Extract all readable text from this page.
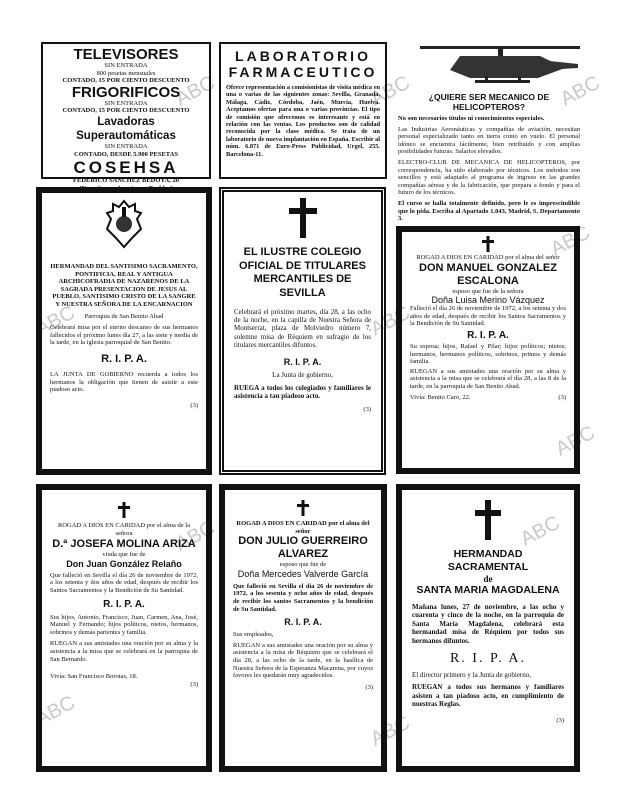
ABC	ABC	ABC
ABC
ABC
ABC
ABC
ABC	ABC
ABC
ABC
TELEVISORES
SIN ENTRADA
800 pesetas mensuales
CONTADO, 15 POR CIENTO DESCUENTO
FRIGORIFICOS
SIN ENTRADA
CONTADO, 15 POR CIENTO DESCUENTO
Lavadoras Superautomáticas
SIN ENTRADA
CONTADO, DESDE 5.900 PESETAS
COSEHSA
FEDERICO SANCHEZ BEDOYA, 20
(Necesitamos Agentes en Pueblos)
LABORATORIO FARMACEUTICO
Ofrece representación a comisionistas de visita médica en una o varias de las siguientes zonas: Sevilla, Granada, Málaga, Cádiz, Córdoba, Jaén, Murcia, Huelva. Aceptamos ofertas para una o varias provincias. El tipo de comisión que ofrecemos es interesante y está en relación con las ventas. Los productos son de calidad reconocida por la clase médica. Se trata de un laboratorio de nueva implantación en España. Escribir al núm. 6.871 de Euro-Press Publicidad, Urgel, 255. Barcelona-11.
¿QUIERE SER MECANICO DE HELICOPTEROS?

No son necesarios títulos ni conocimientos especiales.

Las Industrias Aeronáuticas y compañías de aviación, necesitan personal especializado tanto en tierra como en vuelo. El personal idóneo se encuentra fácilmente, bien retribuido y con amplias posibilidades futuras. Salarios elevados.

ELECTRO-CLUB DE MECANICA DE HELICOPTEROS, por correspondencia, ha sido elaborado por técnicos. Los métodos son sencillos y está adaptado al programa de ingreso en las grandes compañías aéreas y de la fabricación, que prepara a fondo y para el futuro de los técnicos.

El curso se halla totalmente definido, pero le es imprescindible que lo pida. Escriba al Apartado 1.043, Madrid, S. Departamento 3.

HERMANDAD DEL SANTISIMO SACRAMENTO, PONTIFICIA, REAL Y ANTIGUA ARCHICOFRADIA DE NAZARENOS DE LA SAGRADA PRESENTACION DE JESUS AL PUEBLO, SANTISIMO CRISTO DE LA SANGRE Y NUESTRA SEÑORA DE LA ENCARNACION
Parroquia de San Benito Abad
Celebrará misa por el eterno descanso de sus hermanos fallecidos el próximo lunes día 27, a las siete y media de la tarde, en la iglesia parroquial de San Benito.
R. I. P. A.
LA JUNTA DE GOBIERNO recuerda a todos los hermanos la obligación que tienen de asistir a este piadoso acto.
(3)
EL ILUSTRE COLEGIO OFICIAL DE TITULARES MERCANTILES DE SEVILLA
Celebrará el próximo martes, día 28, a las ocho de la noche, en la capilla de Nuestra Señora de Montserrat, plaza de Molviedro número 7, solemne misa de Réquiem en sufragio de los titulares mercantiles difuntos.
R. I. P. A.
La Junta de gobierno,
RUEGA a todos los colegiados y familiares le asistencia a tan piadoso acto.
(3)
ROGAD A DIOS EN CARIDAD por el alma del señor
DON MANUEL GONZALEZ ESCALONA
esposo que fue de la señora
Doña Luisa Merino Vázquez
Falleció el día 26 de noviembre de 1972, a los setenta y dos años de edad, después de recibir los Santos Sacramentos y la Bendición de Su Santidad.
R. I. P. A.
Su esposa; hijos, Rafael y Pilar; hijos políticos; nietos; hermanos, hermanos políticos, sobrinos, primos y demás familia.
RUEGAN a sus amistades una oración por su alma y asistencia a la misa que se celebrará el día 28, a las 8 de la tarde, en la parroquia de San Benito Abad.
Vivía: Benito Caro, 22.	(3)
ROGAD A DIOS EN CARIDAD por el alma de la señora
D.ª JOSEFA MOLINA ARIZA
viuda que fue de
Don Juan González Relaño
Que falleció en Sevilla el día 26 de noviembre de 1972, a los setenta y dos años de edad, después de recibir los Santos Sacramentos y la Bendición de Su Santidad.
R. I. P. A.
Sus hijos, Antonio, Francisco, Juan, Carmen, Ana, José, Manuel y Fernando; hijos políticos, nietos, hermanos, sobrinos y demás parientes y familia.
RUEGAN a sus amistades una oración por su alma y la asistencia a la misa que se celebrará en la parroquia de San Bernardo.
Vivía: San Francisco Borotas, 18.
(3)
ROGAD A DIOS EN CARIDAD por el alma del señor
DON JULIO GUERREIRO ALVAREZ
esposo que fue de
Doña Mercedes Valverde García
Que falleció en Sevilla el día 26 de noviembre de 1972, a los sesenta y ocho años de edad, después de recibir los santos Sacramentos y la bendición de Su Santidad.
R. I. P. A.
Sus empleados,
RUEGAN a sus amistades una oración por su alma y asistencia a la misa de Réquiem que se celebrará el día 28, a las ocho de la tarde, en la basílica de Nuestra Señora de la Esperanza Macarena, por cuyos favores les quedarán muy agradecidos.
(3)
HERMANDAD SACRAMENTAL
de
SANTA MARIA MAGDALENA
Mañana lunes, 27 de noviembre, a las ocho y cuarenta y cinco de la noche, en la parroquia de Santa María Magdalena, celebrará esta hermandad misa de Réquiem por todos sus hermanos difuntos.
R. I. P. A.
El director primero y la Junta de gobierno,
RUEGAN a todos sus hermanos y familiares asisten a tan piadoso acto, en cumplimiento de nuestras Reglas.
(3)
